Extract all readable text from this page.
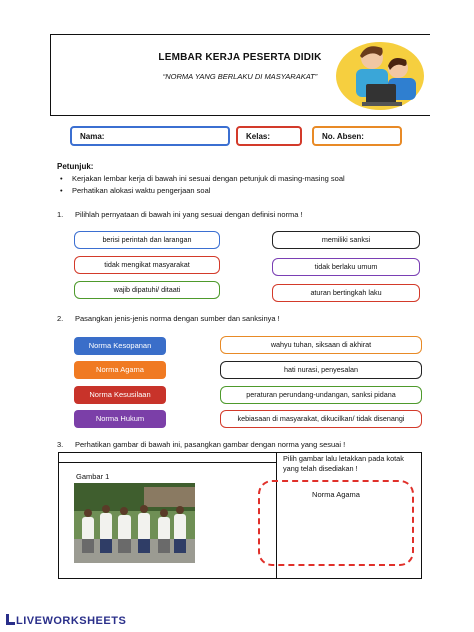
LEMBAR KERJA PESERTA DIDIK
“NORMA YANG BERLAKU DI MASYARAKAT”
Nama:	Kelas:	No. Absen:
Petunjuk:
• Kerjakan lembar kerja di bawah ini sesuai dengan petunjuk di masing-masing soal
• Perhatikan alokasi waktu pengerjaan soal
1. Pilihlah pernyataan di bawah ini yang sesuai dengan definisi norma !
berisi perintah dan larangan	memiliki sanksi
tidak mengikat masyarakat	tidak berlaku umum
wajib dipatuhi/ ditaati	aturan bertingkah laku
2. Pasangkan jenis-jenis norma dengan sumber dan sanksinya !
Norma Kesopanan
Norma Agama
Norma Kesusilaan
Norma Hukum
wahyu tuhan, siksaan di akhirat
hati nurasi, penyesalan
peraturan perundang-undangan, sanksi pidana
kebiasaan di masyarakat, dikucilkan/ tidak disenangi
3. Perhatikan gambar di bawah ini, pasangkan gambar dengan norma yang sesuai !
Gambar 1
Pilih gambar lalu letakkan pada kotak yang telah disediakan !
Norma Agama
LIVEWORKSHEETS
